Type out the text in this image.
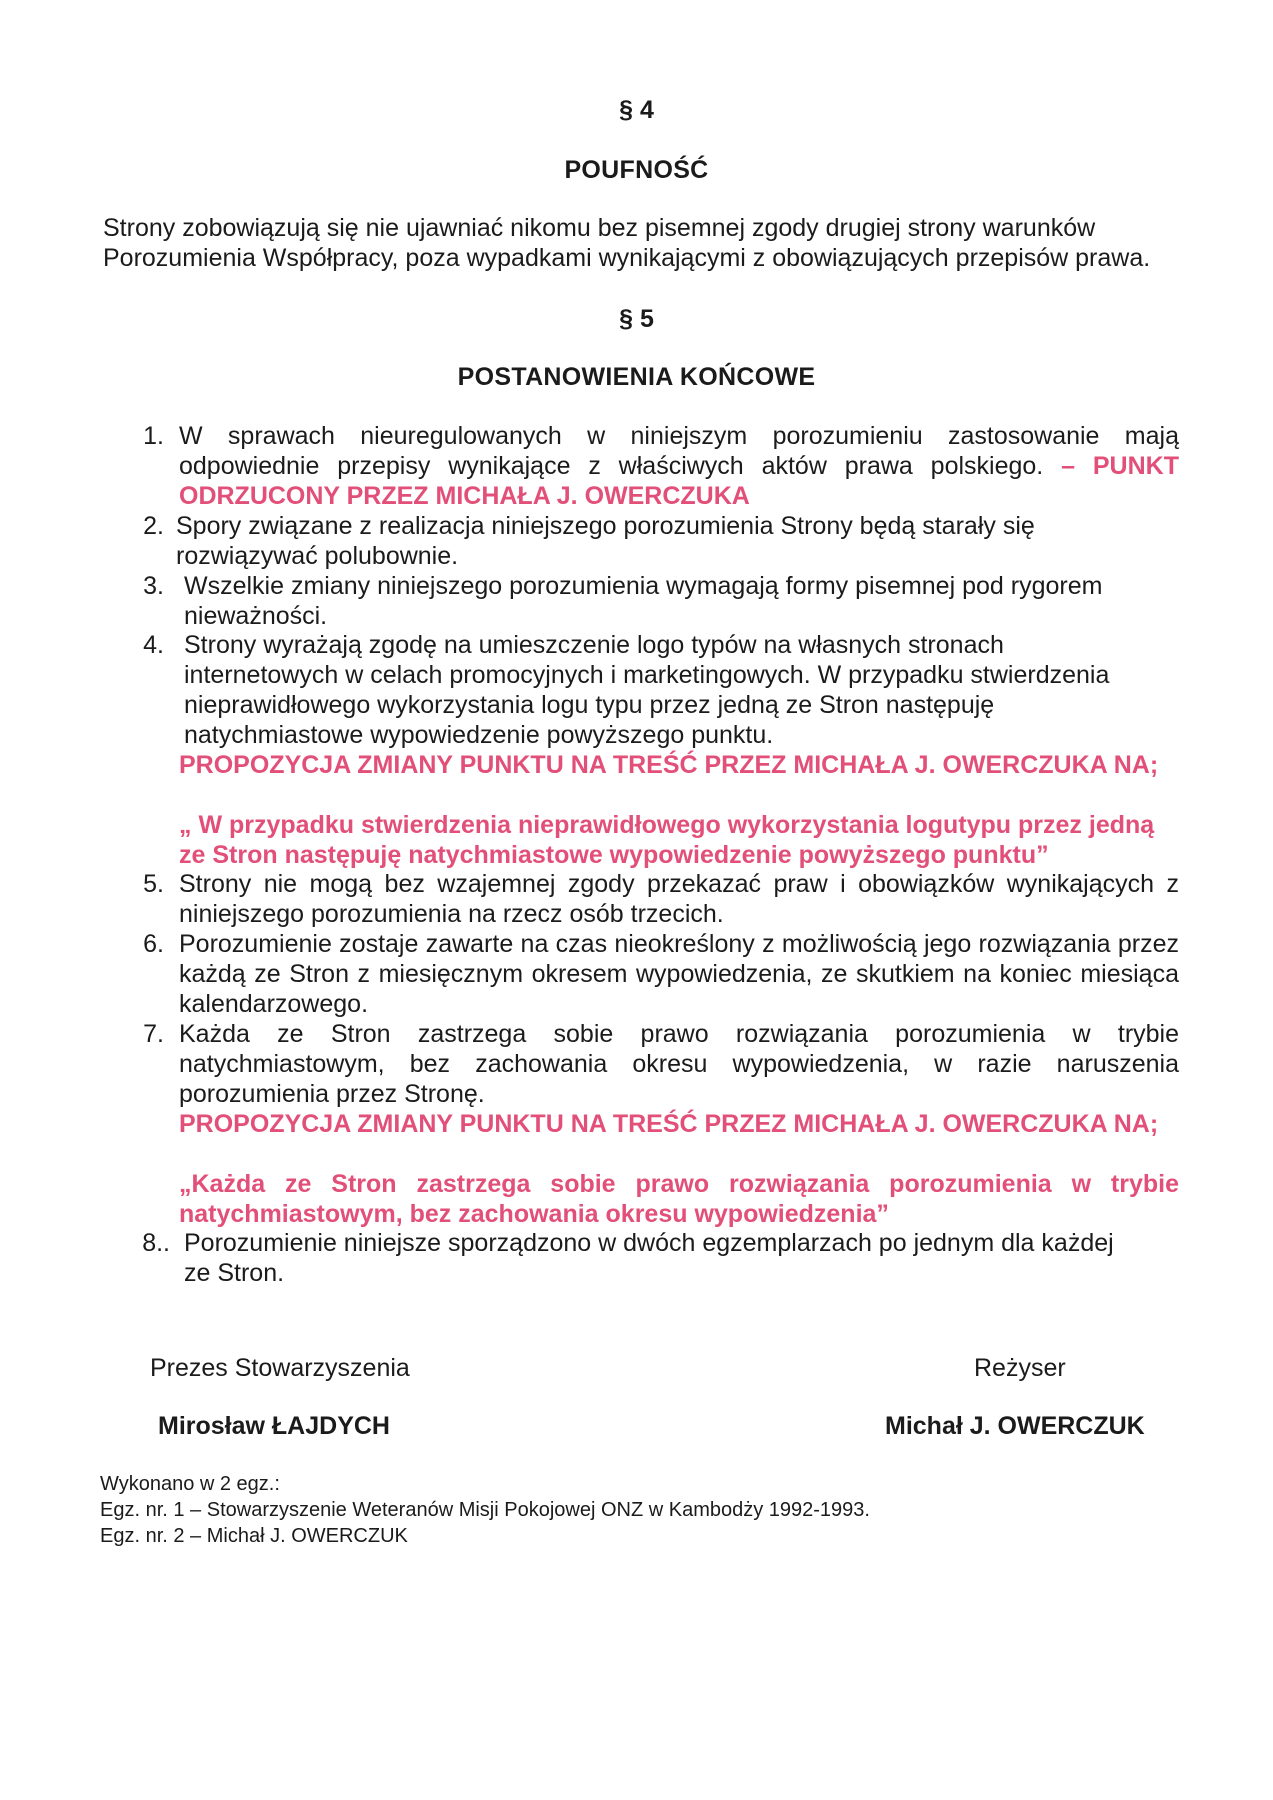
§ 4
POUFNOŚĆ
Strony zobowiązują się nie ujawniać nikomu bez pisemnej zgody drugiej strony warunków Porozumienia Współpracy, poza wypadkami wynikającymi z obowiązujących przepisów prawa.
§ 5
POSTANOWIENIA KOŃCOWE
1. W sprawach nieuregulowanych w niniejszym porozumieniu zastosowanie mają odpowiednie przepisy wynikające z właściwych aktów prawa polskiego. – PUNKT ODRZUCONY PRZEZ MICHAŁA J. OWERCZUKA
2. Spory związane z realizacja niniejszego porozumienia Strony będą starały się rozwiązywać polubownie.
3. Wszelkie zmiany niniejszego porozumienia wymagają formy pisemnej pod rygorem nieważności.
4. Strony wyrażają zgodę na umieszczenie logo typów na własnych stronach internetowych w celach promocyjnych i marketingowych. W przypadku stwierdzenia nieprawidłowego wykorzystania logu typu przez jedną ze Stron następuję natychmiastowe wypowiedzenie powyższego punktu.
PROPOZYCJA ZMIANY PUNKTU NA TREŚĆ PRZEZ MICHAŁA J. OWERCZUKA NA;
„ W przypadku stwierdzenia nieprawidłowego wykorzystania logutypu przez jedną ze Stron następuję natychmiastowe wypowiedzenie powyższego punktu”
5. Strony nie mogą bez wzajemnej zgody przekazać praw i obowiązków wynikających z niniejszego porozumienia na rzecz osób trzecich.
6. Porozumienie zostaje zawarte na czas nieokreślony z możliwością jego rozwiązania przez każdą ze Stron z miesięcznym okresem wypowiedzenia, ze skutkiem na koniec miesiąca kalendarzowego.
7. Każda ze Stron zastrzega sobie prawo rozwiązania porozumienia w trybie natychmiastowym, bez zachowania okresu wypowiedzenia, w razie naruszenia porozumienia przez Stronę.
PROPOZYCJA ZMIANY PUNKTU NA TREŚĆ PRZEZ MICHAŁA J. OWERCZUKA NA;
„Każda ze Stron zastrzega sobie prawo rozwiązania porozumienia w trybie natychmiastowym, bez zachowania okresu wypowiedzenia”
8.. Porozumienie niniejsze sporządzono w dwóch egzemplarzach po jednym dla każdej ze Stron.
Prezes Stowarzyszenia
Mirosław ŁAJDYCH
Reżyser
Michał J. OWERCZUK
Wykonano w 2 egz.:
Egz. nr. 1 – Stowarzyszenie Weteranów Misji Pokojowej ONZ w Kambodży 1992-1993.
Egz. nr. 2 – Michał J. OWERCZUK
